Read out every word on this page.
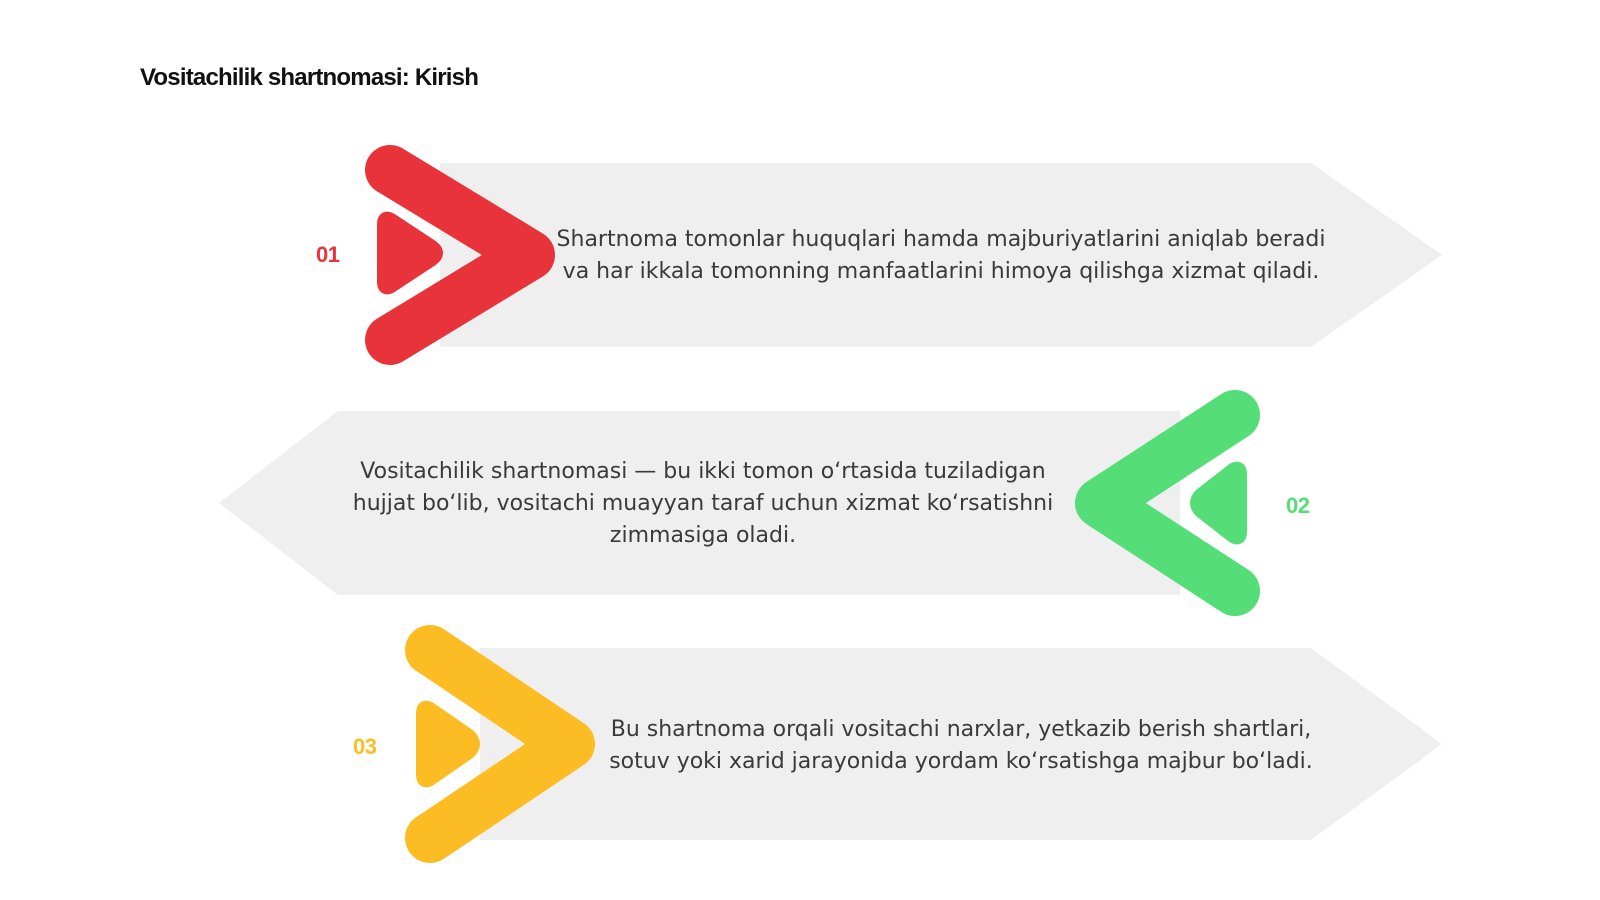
Vositachilik shartnomasi: Kirish
01
Shartnoma tomonlar huquqlari hamda majburiyatlarini aniqlab beradi
va har ikkala tomonning manfaatlarini himoya qilishga xizmat qiladi.
02
Vositachilik shartnomasi — bu ikki tomon o‘rtasida tuziladigan
hujjat bo‘lib, vositachi muayyan taraf uchun xizmat ko‘rsatishni
zimmasiga oladi.
03
Bu shartnoma orqali vositachi narxlar, yetkazib berish shartlari,
sotuv yoki xarid jarayonida yordam ko‘rsatishga majbur bo‘ladi.
